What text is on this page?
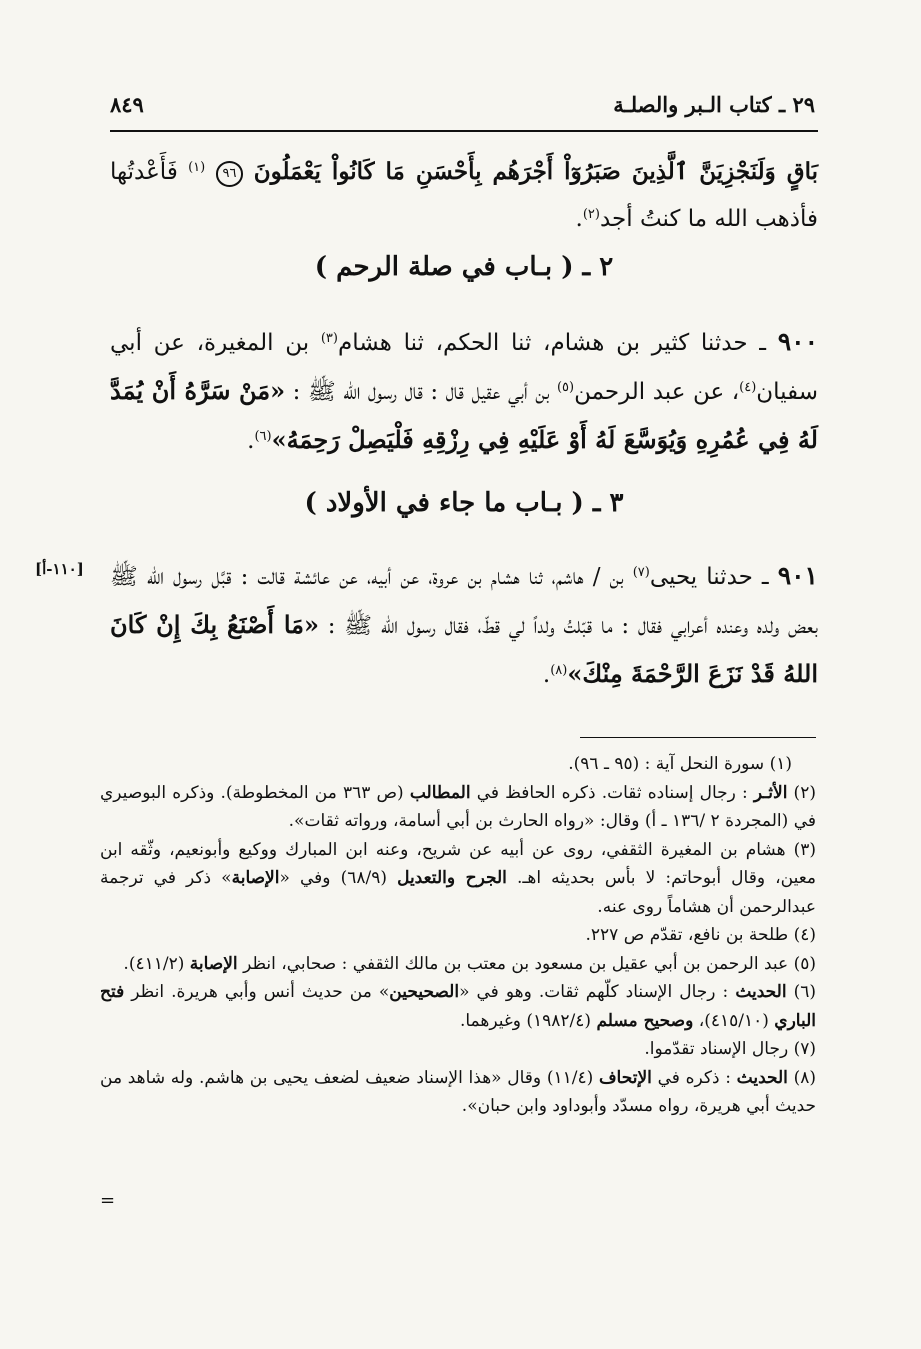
٢٩ ـ كتاب الـبر والصلـة
٨٤٩

بَاقٍ وَلَنَجْزِيَنَّ ٱلَّذِينَ صَبَرُوٓاْ أَجْرَهُم بِأَحْسَنِ مَا كَانُواْ يَعْمَلُونَ ٩٦ $^{(١)}$ فَأَعْدتُها فأذهب الله ما كنتُ أجد$^{(٢)}$.

٢ ـ ( بـاب في صلة الرحم )

٩٠٠ ـ حدثنا كثير بن هشام، ثنا الحكم، ثنا هشام$^{(٣)}$ بن المغيرة، عن أبي سفيان$^{(٤)}$، عن عبد الرحمن$^{(٥)}$ بن أبي عقيل قال : قال رسول الله ﷺ : «مَنْ سَرَّهُ أَنْ يُمَدَّ لَهُ فِي عُمُرِهِ وَيُوَسَّعَ لَهُ أَوْ عَلَيْهِ فِي رِزْقِهِ فَلْيَصِلْ رَحِمَهُ»$^{(٦)}$.

٣ ـ ( بـاب ما جاء في الأولاد )
[١١٠-أ]	٩٠١ ـ حدثنا يحيى$^{(٧)}$ بن / هاشم، ثنا هشام بن عروة، عن أبيه، عن عائشة قالت : قبَّل رسول الله ﷺ بعض ولده وعنده أعرابي فقال : ما قبّلتُ ولداً لي قطّ، فقال رسول الله ﷺ : «مَا أَصْنَعُ بِكَ إِنْ كَانَ اللهُ قَدْ نَزَعَ الرَّحْمَةَ مِنْكَ»$^{(٨)}$.

(١) سورة النحل آية : (٩٥ ـ ٩٦).

(٢) الأثـر : رجال إسناده ثقات. ذكره الحافظ في المطالب (ص ٣٦٣ من المخطوطة). وذكره البوصيري في (المجردة ٢ /١٣٦ ـ أ) وقال: «رواه الحارث بن أبي أسامة، ورواته ثقات».

(٣) هشام بن المغيرة الثقفي، روى عن أبيه عن شريح، وعنه ابن المبارك ووكيع وأبونعيم، وثّقه ابن معين، وقال أبوحاتم: لا بأس بحديثه اهـ. الجرح والتعديل (٦٨/٩) وفي «الإصابة» ذكر في ترجمة عبدالرحمن أن هشاماً روى عنه.

(٤) طلحة بن نافع، تقدّم ص ٢٢٧.

(٥) عبد الرحمن بن أبي عقيل بن مسعود بن معتب بن مالك الثقفي : صحابي، انظر الإصابة (٤١١/٢).

(٦) الحديث : رجال الإسناد كلّهم ثقات. وهو في «الصحيحين» من حديث أنس وأبي هريرة. انظر فتح الباري (٤١٥/١٠)، وصحيح مسلم (١٩٨٢/٤) وغيرهما.

(٧) رجال الإسناد تقدّموا.

(٨) الحديث : ذكره في الإتحاف (١١/٤) وقال «هذا الإسناد ضعيف لضعف يحيى بن هاشم. وله شاهد من حديث أبي هريرة، رواه مسدّد وأبوداود وابن حبان».

=
